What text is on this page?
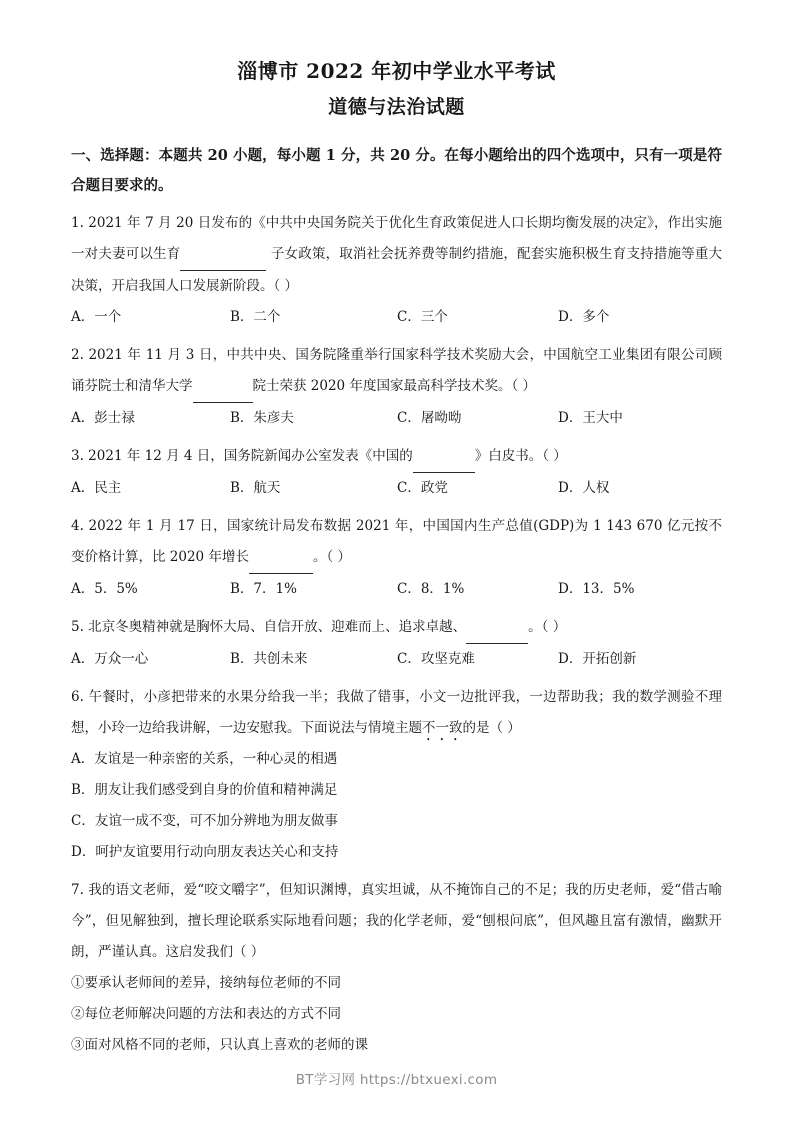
淄博市 2022 年初中学业水平考试
道德与法治试题
一、选择题：本题共 20 小题，每小题 1 分，共 20 分。在每小题给出的四个选项中，只有一项是符合题目要求的。
1. 2021 年 7 月 20 日发布的《中共中央国务院关于优化生育政策促进人口长期均衡发展的决定》，作出实施一对夫妻可以生育	子女政策，取消社会抚养费等制约措施，配套实施积极生育支持措施等重大决策，开启我国人口发展新阶段。（ ）
A．一个	B．二个	C．三个	D．多个
2. 2021 年 11 月 3 日，中共中央、国务院隆重举行国家科学技术奖励大会，中国航空工业集团有限公司顾诵芬院士和清华大学	院士荣获 2020 年度国家最高科学技术奖。（ ）
A．彭士禄	B．朱彦夫	C．屠呦呦	D．王大中
3. 2021 年 12 月 4 日，国务院新闻办公室发表《中国的	》白皮书。（ ）
A．民主	B．航天	C．政党	D．人权
4. 2022 年 1 月 17 日，国家统计局发布数据 2021 年，中国国内生产总值(GDP)为 1 143 670 亿元按不变价格计算，比 2020 年增长	。（ ）
A．5．5%	B．7．1%	C．8．1%	D．13．5%
5. 北京冬奥精神就是胸怀大局、自信开放、迎难而上、追求卓越、	。（ ）
A．万众一心	B．共创未来	C．攻坚克难	D．开拓创新
6. 午餐时，小彦把带来的水果分给我一半；我做了错事，小文一边批评我，一边帮助我；我的数学测验不理想，小玲一边给我讲解，一边安慰我。下面说法与情境主题不一致的是（ ）
A．友谊是一种亲密的关系，一种心灵的相遇
B．朋友让我们感受到自身的价值和精神满足
C．友谊一成不变，可不加分辨地为朋友做事
D．呵护友谊要用行动向朋友表达关心和支持
7. 我的语文老师，爱“咬文嚼字”，但知识渊博，真实坦诚，从不掩饰自己的不足；我的历史老师，爱“借古喻今”，但见解独到，擅长理论联系实际地看问题；我的化学老师，爱“刨根问底”，但风趣且富有激情，幽默开朗，严谨认真。这启发我们（ ）
①要承认老师间的差异，接纳每位老师的不同
②每位老师解决问题的方法和表达的方式不同
③面对风格不同的老师，只认真上喜欢的老师的课
BT学习网 https://btxuexi.com
